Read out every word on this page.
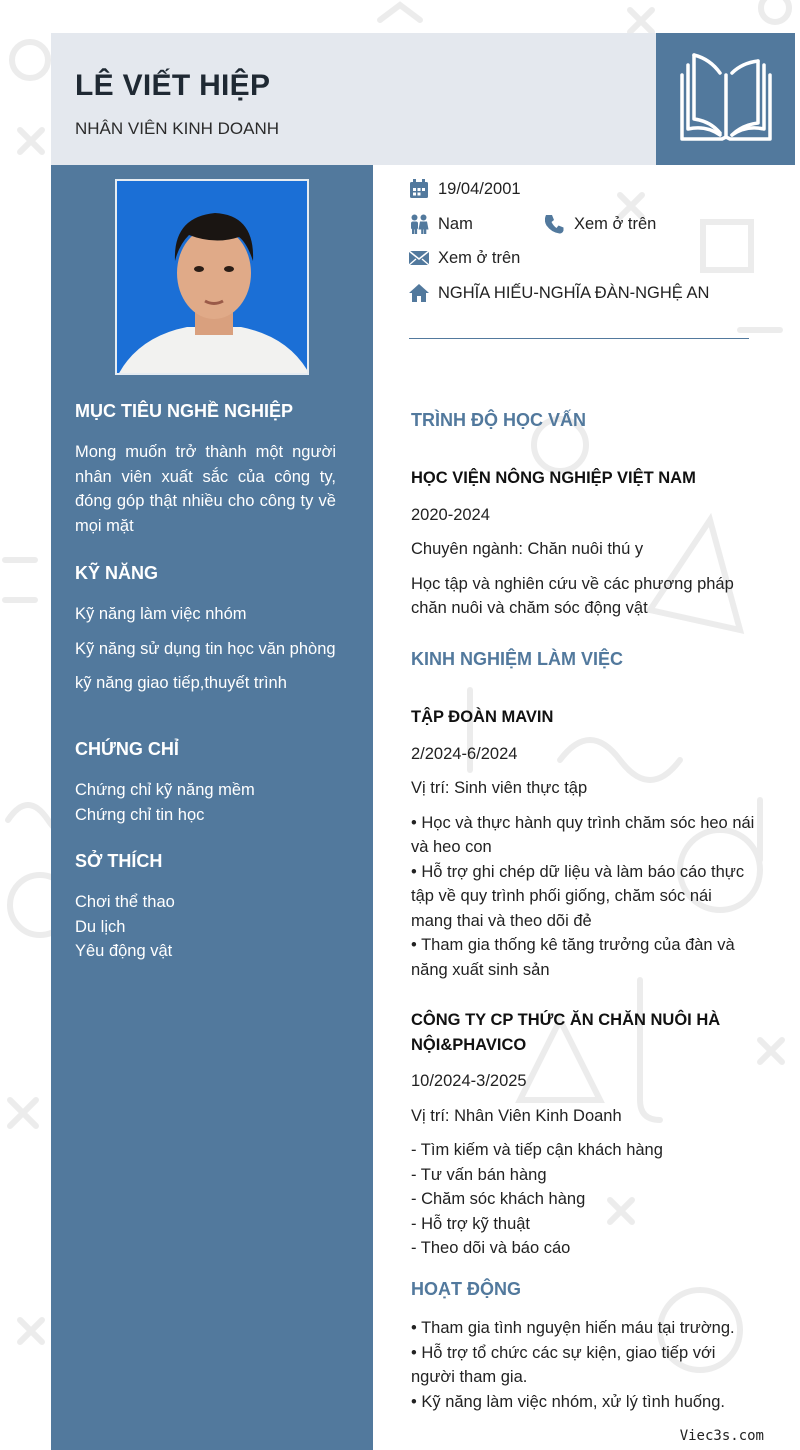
LÊ VIẾT HIỆP
NHÂN VIÊN KINH DOANH
MỤC TIÊU NGHỀ NGHIỆP
Mong muốn trở thành một người nhân viên xuất sắc của công ty, đóng góp thật nhiều cho công ty về mọi mặt
KỸ NĂNG
Kỹ năng làm việc nhóm
Kỹ năng sử dụng tin học văn phòng
kỹ năng giao tiếp,thuyết trình
CHỨNG CHỈ
Chứng chỉ kỹ năng mềm
Chứng chỉ tin học
SỞ THÍCH
Chơi thể thao
Du lịch
Yêu động vật
19/04/2001
Nam	Xem ở trên
Xem ở trên
NGHĨA HIẾU-NGHĨA ĐÀN-NGHỆ AN
TRÌNH ĐỘ HỌC VẤN
HỌC VIỆN NÔNG NGHIỆP VIỆT NAM
2020-2024
Chuyên ngành: Chăn nuôi thú y
Học tập và nghiên cứu về các phương pháp chăn nuôi và chăm sóc động vật
KINH NGHIỆM LÀM VIỆC
TẬP ĐOÀN MAVIN
2/2024-6/2024
Vị trí: Sinh viên thực tập
• Học và thực hành quy trình chăm sóc heo nái và heo con
• Hỗ trợ ghi chép dữ liệu và làm báo cáo thực tập về quy trình phối giống, chăm sóc nái mang thai và theo dõi đẻ
• Tham gia thống kê tăng trưởng của đàn và năng xuất sinh sản
CÔNG TY CP THỨC ĂN CHĂN NUÔI HÀ NỘI&PHAVICO
10/2024-3/2025
Vị trí: Nhân Viên Kinh Doanh
- Tìm kiếm và tiếp cận khách hàng
- Tư vấn bán hàng
- Chăm sóc khách hàng
- Hỗ trợ kỹ thuật
- Theo dõi và báo cáo
HOẠT ĐỘNG
• Tham gia tình nguyện hiến máu tại trường.
• Hỗ trợ tổ chức các sự kiện, giao tiếp với người tham gia.
• Kỹ năng làm việc nhóm, xử lý tình huống.
Viec3s.com
